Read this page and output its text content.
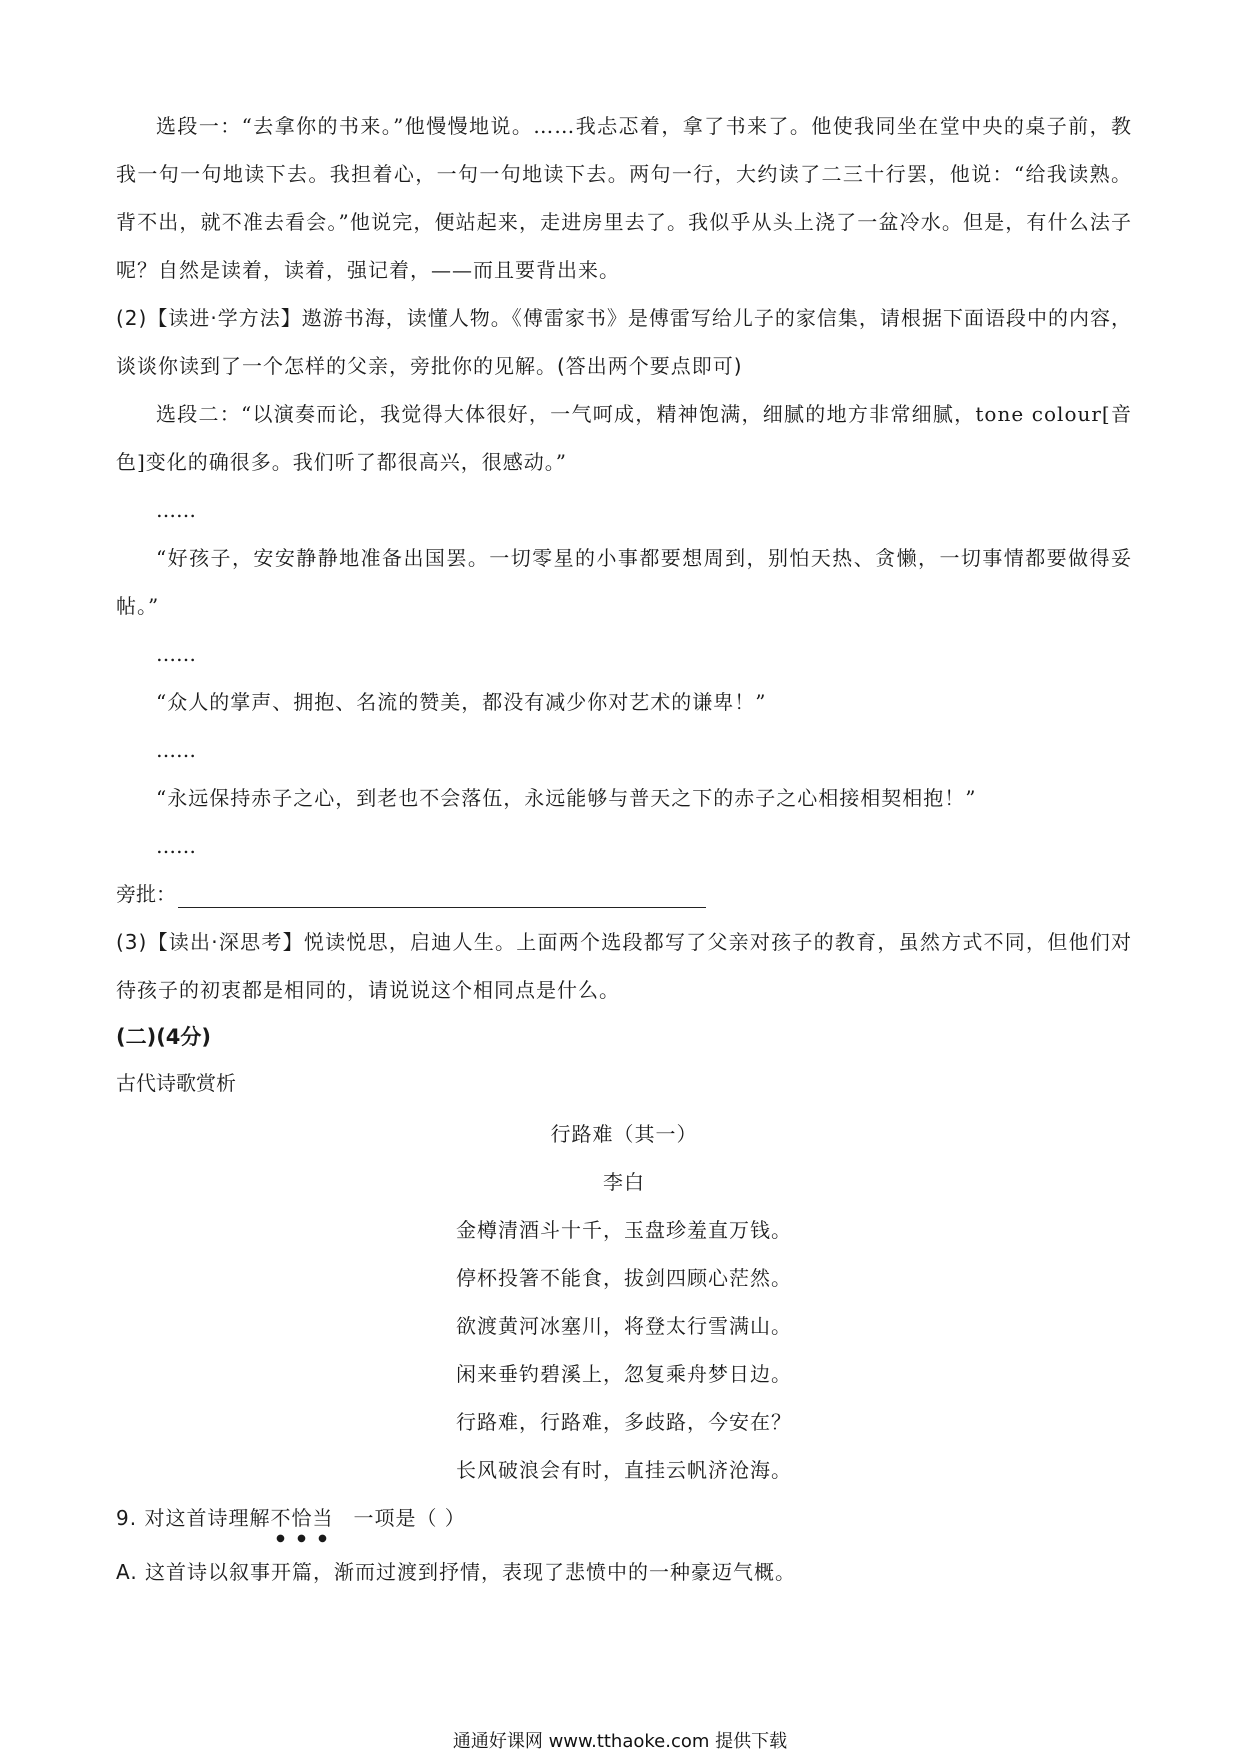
选段一：“去拿你的书来。”他慢慢地说。……我忐忑着，拿了书来了。他使我同坐在堂中央的桌子前，教我一句一句地读下去。我担着心，一句一句地读下去。两句一行，大约读了二三十行罢，他说：“给我读熟。背不出，就不准去看会。”他说完，便站起来，走进房里去了。我似乎从头上浇了一盆冷水。但是，有什么法子呢？自然是读着，读着，强记着，——而且要背出来。

(2)【读进·学方法】遨游书海，读懂人物。《傅雷家书》是傅雷写给儿子的家信集，请根据下面语段中的内容，谈谈你读到了一个怎样的父亲，旁批你的见解。(答出两个要点即可)

选段二：“以演奏而论，我觉得大体很好，一气呵成，精神饱满，细腻的地方非常细腻，tone colour[音色]变化的确很多。我们听了都很高兴，很感动。”

……

“好孩子，安安静静地准备出国罢。一切零星的小事都要想周到，别怕天热、贪懒，一切事情都要做得妥帖。”

……

“众人的掌声、拥抱、名流的赞美，都没有减少你对艺术的谦卑！”

……

“永远保持赤子之心，到老也不会落伍，永远能够与普天之下的赤子之心相接相契相抱！”

……

旁批：

(3)【读出·深思考】悦读悦思，启迪人生。上面两个选段都写了父亲对孩子的教育，虽然方式不同，但他们对待孩子的初衷都是相同的，请说说这个相同点是什么。

(二)(4分)

古代诗歌赏析

行路难（其一）

李白

金樽清酒斗十千，玉盘珍羞直万钱。

停杯投箸不能食，拔剑四顾心茫然。

欲渡黄河冰塞川，将登太行雪满山。

闲来垂钓碧溪上，忽复乘舟梦日边。

行路难，行路难，多歧路，今安在？

长风破浪会有时，直挂云帆济沧海。

9. 对这首诗理解不
●
恰
●
当
●
一项是（ ）

A. 这首诗以叙事开篇，渐而过渡到抒情，表现了悲愤中的一种豪迈气概。

通通好课网 www.tthaoke.com 提供下载
